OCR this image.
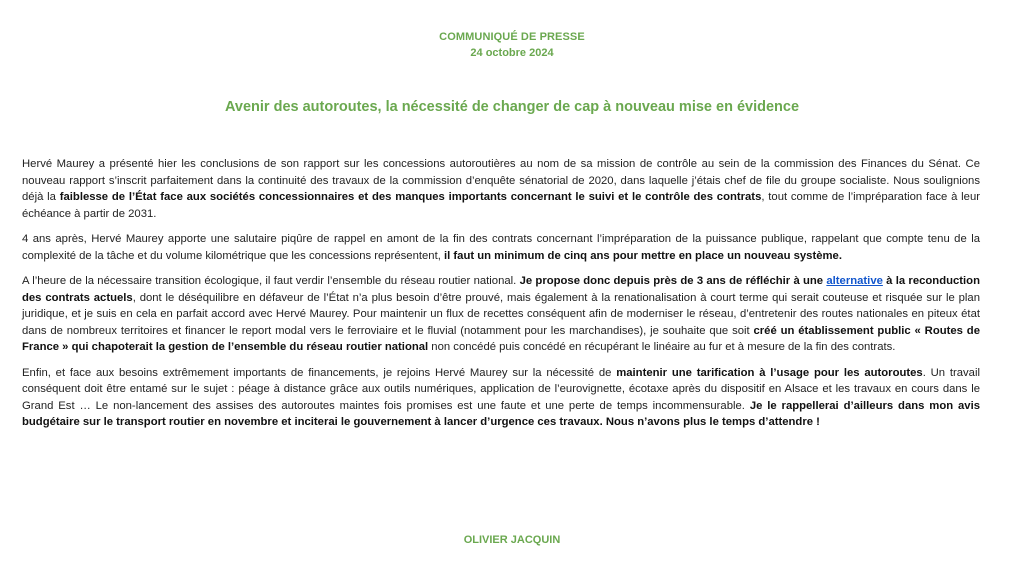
COMMUNIQUÉ DE PRESSE
24 octobre 2024
Avenir des autoroutes, la nécessité de changer de cap à nouveau mise en évidence

Hervé Maurey a présenté hier les conclusions de son rapport sur les concessions autoroutières au nom de sa mission de contrôle au sein de la commission des Finances du Sénat. Ce nouveau rapport s’inscrit parfaitement dans la continuité des travaux de la commission d’enquête sénatorial de 2020, dans laquelle j’étais chef de file du groupe socialiste. Nous soulignions déjà la faiblesse de l’État face aux sociétés concessionnaires et des manques importants concernant le suivi et le contrôle des contrats, tout comme de l’impréparation face à leur échéance à partir de 2031.

4 ans après, Hervé Maurey apporte une salutaire piqûre de rappel en amont de la fin des contrats concernant l’impréparation de la puissance publique, rappelant que compte tenu de la complexité de la tâche et du volume kilométrique que les concessions représentent, il faut un minimum de cinq ans pour mettre en place un nouveau système.

A l’heure de la nécessaire transition écologique, il faut verdir l’ensemble du réseau routier national. Je propose donc depuis près de 3 ans de réfléchir à une alternative à la reconduction des contrats actuels, dont le déséquilibre en défaveur de l’État n’a plus besoin d’être prouvé, mais également à la renationalisation à court terme qui serait couteuse et risquée sur le plan juridique, et je suis en cela en parfait accord avec Hervé Maurey. Pour maintenir un flux de recettes conséquent afin de moderniser le réseau, d’entretenir des routes nationales en piteux état dans de nombreux territoires et financer le report modal vers le ferroviaire et le fluvial (notamment pour les marchandises), je souhaite que soit créé un établissement public « Routes de France » qui chapoterait la gestion de l’ensemble du réseau routier national non concédé puis concédé en récupérant le linéaire au fur et à mesure de la fin des contrats.

Enfin, et face aux besoins extrêmement importants de financements, je rejoins Hervé Maurey sur la nécessité de maintenir une tarification à l’usage pour les autoroutes. Un travail conséquent doit être entamé sur le sujet : péage à distance grâce aux outils numériques, application de l’eurovignette, écotaxe après du dispositif en Alsace et les travaux en cours dans le Grand Est … Le non-lancement des assises des autoroutes maintes fois promises est une faute et une perte de temps incommensurable. Je le rappellerai d’ailleurs dans mon avis budgétaire sur le transport routier en novembre et inciterai le gouvernement à lancer d’urgence ces travaux. Nous n’avons plus le temps d’attendre !

OLIVIER JACQUIN
